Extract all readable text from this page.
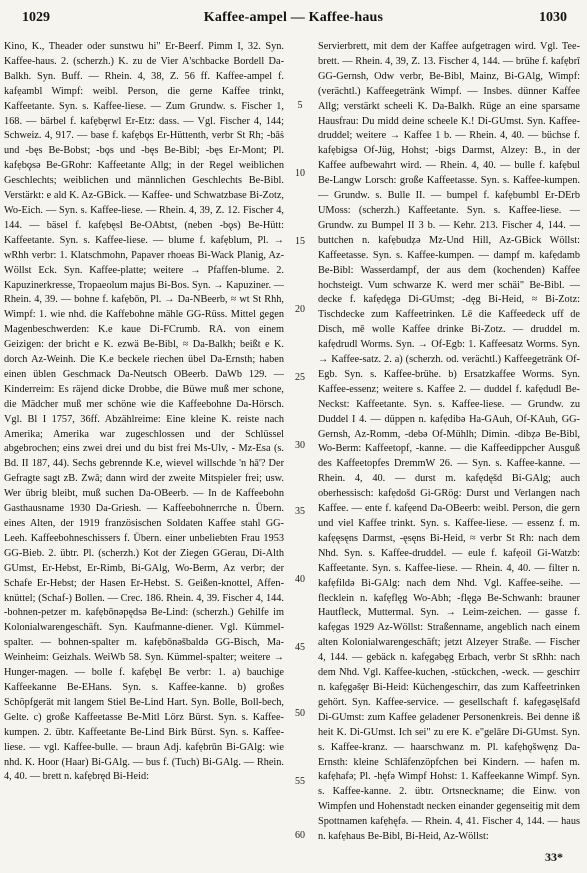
1029	Kaffee-ampel — Kaffee-haus	1030

Kino, K., Theader oder sunstwu hi" Er-Beerf. Pimm I, 32. Syn. Kaffee-haus. 2. (scherzh.) K. zu de Vier A'schbacke Bordell Da-Balkh. Syn. Buff. — Rhein. 4, 38, Z. 56 ff. Kaffee-ampel f. kafẹambl Wimpf: weibl. Person, die gerne Kaffee trinkt, Kaffeetante. Syn. s. Kaffee-liese. — Zum Grundw. s. Fischer 1, 168. — bärbel f. kafẹbęrwl Er-Etz: dass. — Vgl. Fischer 4, 144; Schweiz. 4, 917. — base f. kafẹbǫs Er-Hüttenth, verbr St Rh; -bāṡ und -bęs Be-Bobst; -bǫs und -bęs Be-Bibl; -bęs Er-Mont; Pl. kafẹbǫsə Be-GRohr: Kaffeetante Allg; in der Regel weiblichen Geschlechts; weiblichen und männlichen Geschlechts Be-Bibl. Verstärkt: e ald K. Az-GBick. — Kaffee- und Schwatzbase Bi-Zotz, Wo-Eich. — Syn. s. Kaffee-liese. — Rhein. 4, 39, Z. 12. Fischer 4, 144. — bäsel f. kafẹbęsl Be-OAbtst, (neben -bǫs) Be-Hütt: Kaffeetante. Syn. s. Kaffee-liese. — blume f. kafẹblum, Pl. → wRhh verbr: 1. Klatschmohn, Papaver rhoeas Bi-Wack Planig, Az-Wöllst Eck. Syn. Kaffee-platte; weitere → Pfaffen-blume. 2. Kapuzinerkresse, Tropaeolum majus Bi-Bos. Syn. → Kapuziner. — Rhein. 4, 39. — bohne f. kafẹbōn, Pl. → Da-NBeerb, ≈ wt St Rhh, Wimpf: 1. wie nhd. die Kaffebohne mähle GG-Rüss. Mittel gegen Magenbeschwerden: K.e kaue Di-FCrumb. RA. von einem Geizigen: der bricht e K. ezwä Be-Bibl, ≈ Da-Balkh; beißt e K. dorch Az-Weinh. Die K.e beckele riechen übel Da-Ernsth; haben einen üblen Geschmack Da-Neutsch OBeerb. DaWb 129. — Kinderreim: Es räjend dicke Drobbe, die Büwe muß mer schone, die Mädcher muß mer schöne wie die Kaffeebohne Da-Hörsch. Vgl. Bl I 1757, 36ff. Abzählreime: Eine kleine K. reiste nach Amerika; Amerika war zugeschlossen und der Schlüssel abgebrochen; eins zwei drei und du bist frei Ms-Ulv, - Mz-Esa (s. Bd. II 187, 44). Sechs gebrennde K.e, wievel willschde 'n hā'? Der Gefragte sagt zB. Zwā; dann wird der zweite Mitspieler frei; usw. Wer übrig bleibt, muß suchen Da-OBeerb. — In de Kaffeebohn Gasthausname 1930 Da-Griesh. — Kaffeebohnerrche n. Übern. eines Alten, der 1919 französischen Soldaten Kaffee stahl GG-Leeh. Kaffeebohneschissers f. Übern. einer unbeliebten Frau 1953 GG-Bieb. 2. übtr. Pl. (scherzh.) Kot der Ziegen GGerau, Di-Alth GUmst, Er-Hebst, Er-Rimb, Bi-GAlg, Wo-Berm, Az verbr; der Schafe Er-Hebst; der Hasen Er-Hebst. S. Geißen-knottel, Affen-knüttel; (Schaf-) Bollen. — Crec. 186. Rhein. 4, 39. Fischer 4, 144. -bohnen-petzer m. kafẹbōnəpędsə Be-Lind: (scherzh.) Gehilfe im Kolonialwarengeschäft. Syn. Kaufmanne-diener. Vgl. Kümmel-spalter. — bohnen-spalter m. kafẹbōnəšbaldə GG-Bisch, Ma-Weinheim: Geizhals. WeiWb 58. Syn. Kümmel-spalter; weitere → Hunger-magen. — bolle f. kafẹbęl Be verbr: 1. a) bauchige Kaffeekanne Be-EHans. Syn. s. Kaffee-kanne. b) großes Schöpfgerät mit langem Stiel Be-Lind Hart. Syn. Bolle, Boll-bech, Gelte. c) große Kaffeetasse Be-Mitl Lörz Bürst. Syn. s. Kaffee-kumpen. 2. übtr. Kaffeetante Be-Lind Birk Bürst. Syn. s. Kaffee-liese. — vgl. Kaffee-bulle. — braun Adj. kafẹbrūn Bi-GAlg: wie nhd. K. Hoor (Haar) Bi-GAlg. — bus f. (Tuch) Bi-GAlg. — Rhein. 4, 40. — brett n. kafẹbręd Bi-Heid:

5
10
15
20
25
30
35
40
45
50
55
60

Servierbrett, mit dem der Kaffee aufgetragen wird. Vgl. Tee-brett. — Rhein. 4, 39, Z. 13. Fischer 4, 144. — brühe f. kafẹbrī GG-Gernsh, Odw verbr, Be-Bibl, Mainz, Bi-GAlg, Wimpf: (verächtl.) Kaffeegetränk Wimpf. — Insbes. dünner Kaffee Allg; verstärkt scheeli K. Da-Balkh. Rüge an eine sparsame Hausfrau: Du midd deine scheele K.! Di-GUmst. Syn. Kaffee-druddel; weitere → Kaffee 1 b. — Rhein. 4, 40. — büchse f. kafẹbigsə Of-Jüg, Hohst; -bigs Darmst, Alzey: B., in der Kaffee aufbewahrt wird. — Rhein. 4, 40. — bulle f. kafẹbul Be-Langw Lorsch: große Kaffeetasse. Syn. s. Kaffee-kumpen. — Grundw. s. Bulle II. — bumpel f. kafẹbumbl Er-DErb UMoss: (scherzh.) Kaffeetante. Syn. s. Kaffee-liese. — Grundw. zu Bumpel II 3 b. — Kehr. 213. Fischer 4, 144. — buttchen n. kafẹbudẓə Mz-Und Hill, Az-GBick Wöllst: Kaffeetasse. Syn. s. Kaffee-kumpen. — dampf m. kafẹdamb Be-Bibl: Wasserdampf, der aus dem (kochenden) Kaffee hochsteigt. Vum schwarze K. werd mer schäi" Be-Bibl. — decke f. kafẹdęgə Di-GUmst; -dęg Bi-Heid, ≈ Bi-Zotz: Tischdecke zum Kaffeetrinken. Lē die Kaffeedeck uff de Disch, mē wolle Kaffee drinke Bi-Zotz. — druddel m. kafẹdrudl Worms. Syn. → Of-Egb: 1. Kaffeesatz Worms. Syn. → Kaffee-satz. 2. a) (scherzh. od. verächtl.) Kaffeegetränk Of-Egb. Syn. s. Kaffee-brühe. b) Ersatzkaffee Worms. Syn. Kaffee-essenz; weitere s. Kaffee 2. — duddel f. kafẹdudl Be-Neckst: Kaffeetante. Syn. s. Kaffee-liese. — Grundw. zu Duddel I 4. — düppen n. kafẹdibə Ha-GAuh, Of-KAuh, GG-Gernsh, Az-Romm, -debə Of-Mühlh; Dimin. -dibẓə Be-Bibl, Wo-Berm: Kaffeetopf, -kanne. — die Kaffeedippcher Ausguß des Kaffeetopfes DremmW 26. — Syn. s. Kaffee-kanne. — Rhein. 4, 40. — durst m. kafẹdęšd Bi-GAlg; auch oberhessisch: kafẹdošd Gi-GRög: Durst und Verlangen nach Kaffee. — ente f. kafẹend Da-OBeerb: weibl. Person, die gern und viel Kaffee trinkt. Syn. s. Kaffee-liese. — essenz f. m. kafẹęsęns Darmst, -ęsęns Bi-Heid, ≈ verbr St Rh: nach dem Nhd. Syn. s. Kaffee-druddel. — eule f. kafẹoil Gi-Watzb: Kaffeetante. Syn. s. Kaffee-liese. — Rhein. 4, 40. — filter n. kafẹfildə Bi-GAlg: nach dem Nhd. Vgl. Kaffee-seihe. — flecklein n. kafẹflęg Wo-Abh; -flęgə Be-Schwanh: brauner Hautfleck, Muttermal. Syn. → Leim-zeichen. — gasse f. kafẹgas 1929 Az-Wöllst: Straßenname, angeblich nach einem alten Kolonialwarengeschäft; jetzt Alzeyer Straße. — Fischer 4, 144. — gebäck n. kafẹgəbęg Erbach, verbr St sRhh: nach dem Nhd. Vgl. Kaffee-kuchen, -stückchen, -weck. — geschirr n. kafẹgəšęr Bi-Heid: Küchengeschirr, das zum Kaffeetrinken gehört. Syn. Kaffee-service. — gesellschaft f. kafẹgəsęlšafd Di-GUmst: zum Kaffee geladener Personenkreis. Bei denne iß heit K. Di-GUmst. Ich sei" zu ere K. e"gelāre Di-GUmst. Syn. s. Kaffee-kranz. — haarschwanz m. Pl. kafẹhǫšwęnẓ Da-Ernsth: kleine Schläfenzöpfchen bei Kindern. — hafen m. kafẹhafə; Pl. -hęfə Wimpf Hohst: 1. Kaffeekanne Wimpf. Syn. s. Kaffee-kanne. 2. übtr. Ortsneckname; die Einw. von Wimpfen und Hohenstadt necken einander gegenseitig mit dem Spottnamen kafẹhęfə. — Rhein. 4, 41. Fischer 4, 144. — haus n. kafẹhaus Be-Bibl, Bi-Heid, Az-Wöllst:

33*
